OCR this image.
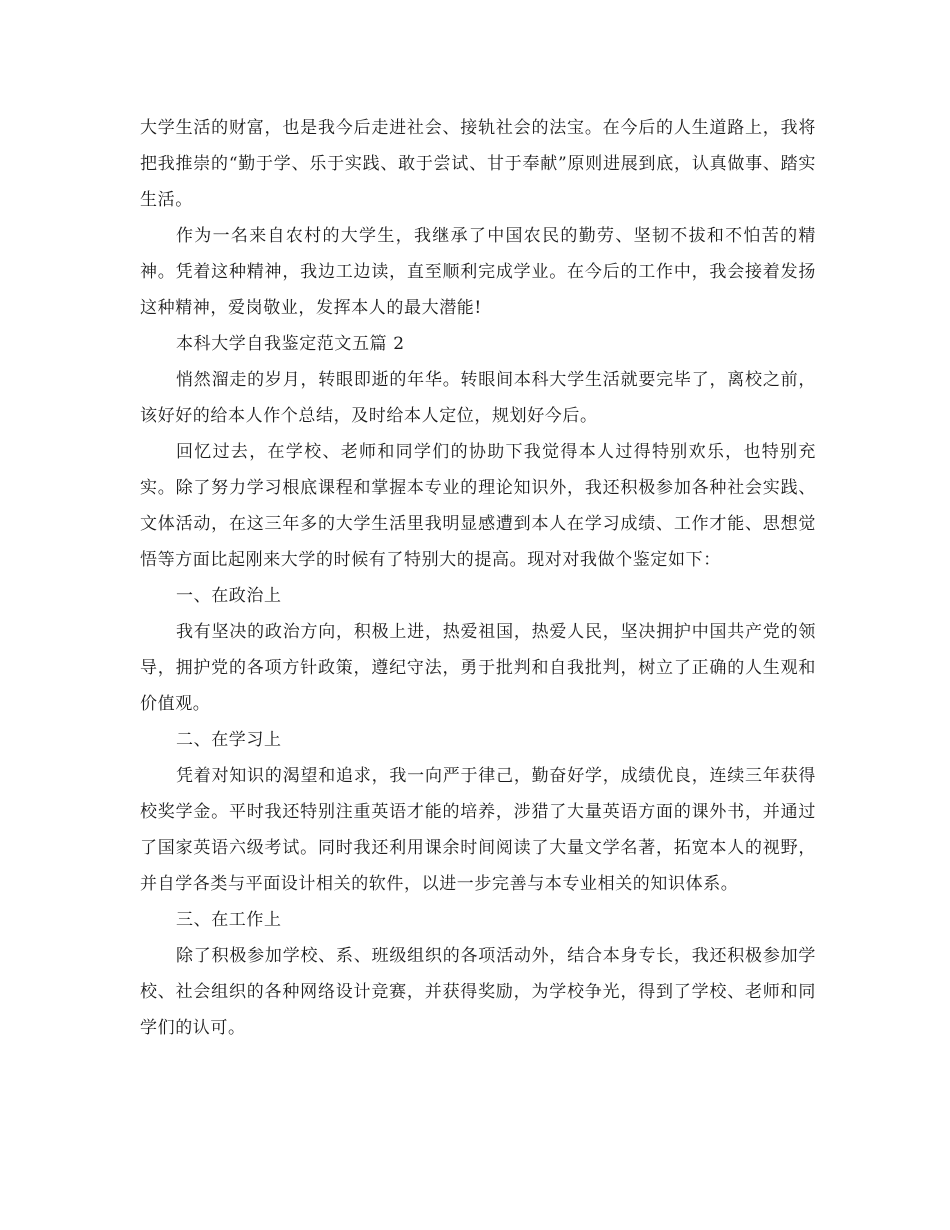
大学生活的财富，也是我今后走进社会、接轨社会的法宝。在今后的人生道路上，我将把我推崇的“勤于学、乐于实践、敢于尝试、甘于奉献”原则进展到底，认真做事、踏实生活。

作为一名来自农村的大学生，我继承了中国农民的勤劳、坚韧不拔和不怕苦的精神。凭着这种精神，我边工边读，直至顺利完成学业。在今后的工作中，我会接着发扬这种精神，爱岗敬业，发挥本人的最大潜能!

本科大学自我鉴定范文五篇 2

悄然溜走的岁月，转眼即逝的年华。转眼间本科大学生活就要完毕了，离校之前，该好好的给本人作个总结，及时给本人定位，规划好今后。

回忆过去，在学校、老师和同学们的协助下我觉得本人过得特别欢乐，也特别充实。除了努力学习根底课程和掌握本专业的理论知识外，我还积极参加各种社会实践、文体活动，在这三年多的大学生活里我明显感遭到本人在学习成绩、工作才能、思想觉悟等方面比起刚来大学的时候有了特别大的提高。现对对我做个鉴定如下：

一、在政治上

我有坚决的政治方向，积极上进，热爱祖国，热爱人民，坚决拥护中国共产党的领导，拥护党的各项方针政策，遵纪守法，勇于批判和自我批判，树立了正确的人生观和价值观。

二、在学习上

凭着对知识的渴望和追求，我一向严于律己，勤奋好学，成绩优良，连续三年获得校奖学金。平时我还特别注重英语才能的培养，涉猎了大量英语方面的课外书，并通过了国家英语六级考试。同时我还利用课余时间阅读了大量文学名著，拓宽本人的视野，并自学各类与平面设计相关的软件，以进一步完善与本专业相关的知识体系。

三、在工作上

除了积极参加学校、系、班级组织的各项活动外，结合本身专长，我还积极参加学校、社会组织的各种网络设计竞赛，并获得奖励，为学校争光，得到了学校、老师和同学们的认可。
